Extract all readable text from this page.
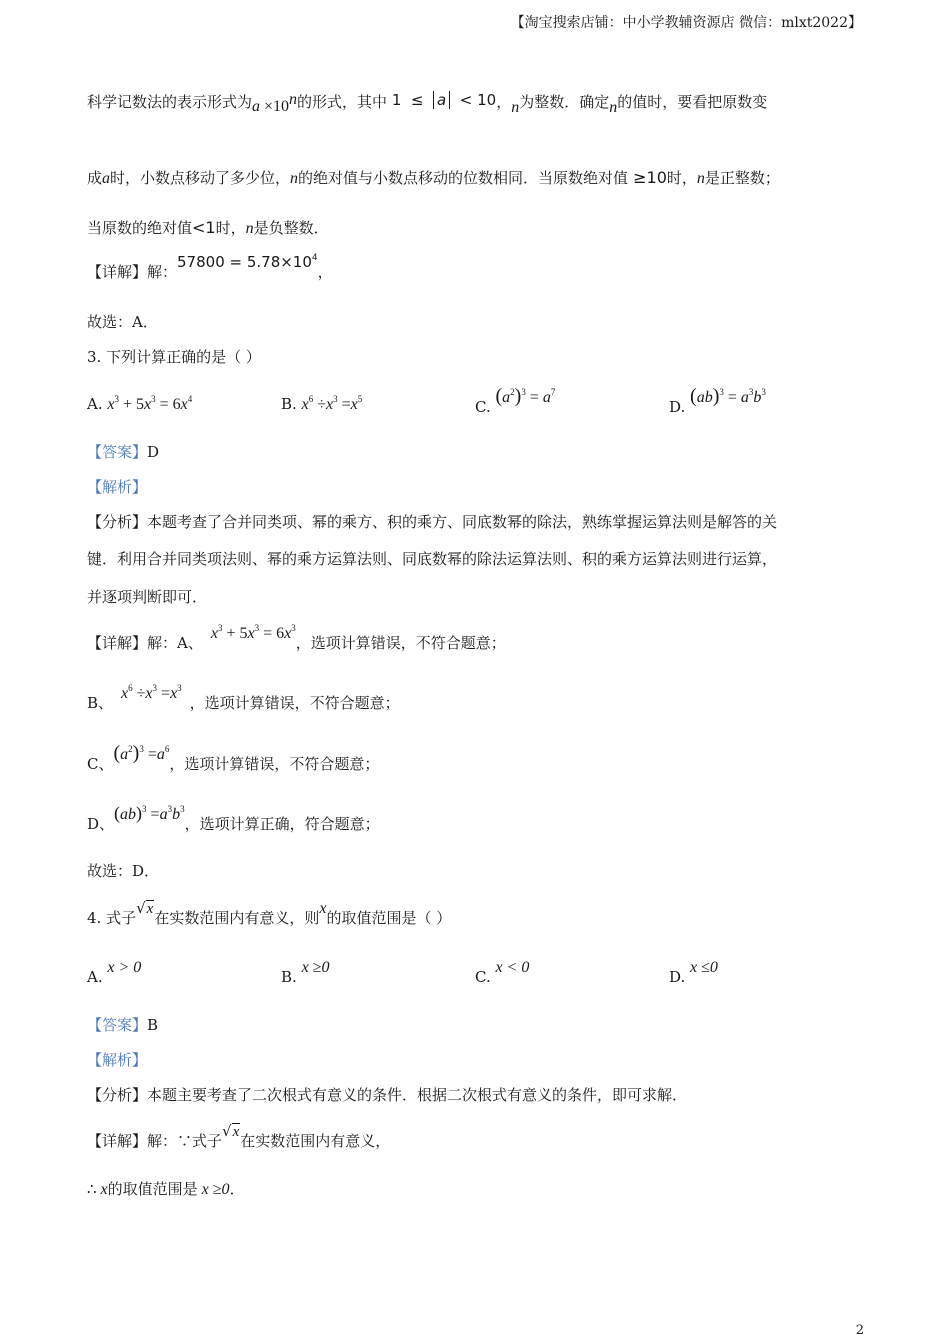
【淘宝搜索店铺：中小学教辅资源店 微信：mlxt2022】
科学记数法的表示形式为$a \times 10^n$的形式，其中 1  ≤  a  < 10，n为整数．确定n的值时，要看把原数变
成a时，小数点移动了多少位，n的绝对值与小数点移动的位数相同．当原数绝对值 ≥10时，n是正整数；
当原数的绝对值<1时，n是负整数．
【详解】解：$57800 = 5.78\times 10^4$，
故选：A．
3. 下列计算正确的是（ ）
A. $x^3 + 5x^3 = 6x^4$	B. $x^6 \div x^3 =x^5$	C. $(a^2)^3 = a^7$
D. $(ab)^3 = a^3b^3$
【答案】D
【解析】
【分析】本题考查了合并同类项、幂的乘方、积的乘方、同底数幂的除法，熟练掌握运算法则是解答的关
键．利用合并同类项法则、幂的乘方运算法则、同底数幂的除法运算法则、积的乘方运算法则进行运算，
并逐项判断即可．
【详解】解：A、  $x^3 + 5x^3 = 6x^3$，选项计算错误，不符合题意；
B、  $x^6 \div x^3 =x^3$  ，选项计算错误，不符合题意；
C、$(a^2)^3 =a^6$，选项计算错误，不符合题意；
D、$(ab)^3 =a^3b^3$，选项计算正确，符合题意；
故选：D．
4. 式子√x在实数范围内有意义，则x的取值范围是（ ）
A. x > 0
B. x ≥0
C. x < 0
D. x ≤0
【答案】B
【解析】
【分析】本题主要考查了二次根式有意义的条件．根据二次根式有意义的条件，即可求解．
【详解】解：∵式子√x在实数范围内有意义，
∴ x的取值范围是 x ≥0．
2
